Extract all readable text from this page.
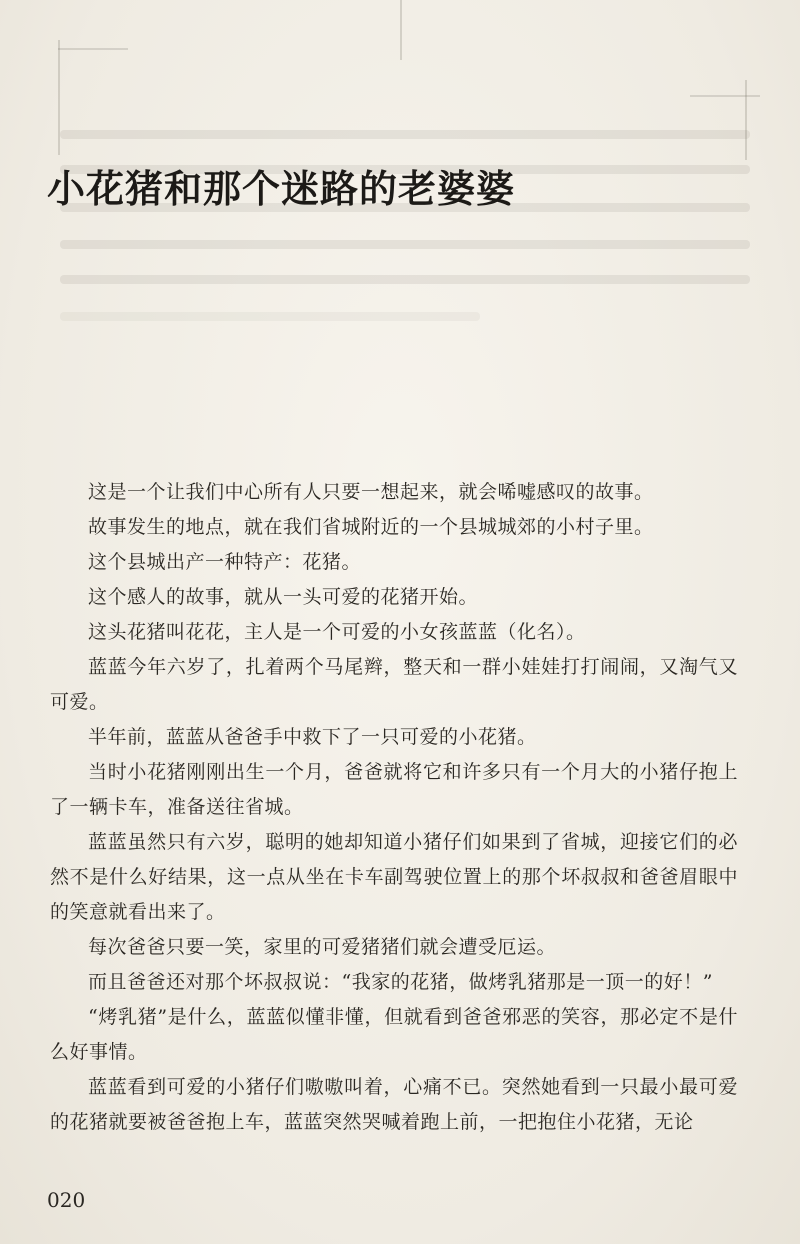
小花猪和那个迷路的老婆婆

这是一个让我们中心所有人只要一想起来，就会唏嘘感叹的故事。

故事发生的地点，就在我们省城附近的一个县城城郊的小村子里。

这个县城出产一种特产：花猪。

这个感人的故事，就从一头可爱的花猪开始。

这头花猪叫花花，主人是一个可爱的小女孩蓝蓝（化名）。

蓝蓝今年六岁了，扎着两个马尾辫，整天和一群小娃娃打打闹闹，又淘气又可爱。

半年前，蓝蓝从爸爸手中救下了一只可爱的小花猪。

当时小花猪刚刚出生一个月，爸爸就将它和许多只有一个月大的小猪仔抱上了一辆卡车，准备送往省城。

蓝蓝虽然只有六岁，聪明的她却知道小猪仔们如果到了省城，迎接它们的必然不是什么好结果，这一点从坐在卡车副驾驶位置上的那个坏叔叔和爸爸眉眼中的笑意就看出来了。

每次爸爸只要一笑，家里的可爱猪猪们就会遭受厄运。

而且爸爸还对那个坏叔叔说：“我家的花猪，做烤乳猪那是一顶一的好！”

“烤乳猪”是什么，蓝蓝似懂非懂，但就看到爸爸邪恶的笑容，那必定不是什么好事情。

蓝蓝看到可爱的小猪仔们嗷嗷叫着，心痛不已。突然她看到一只最小最可爱的花猪就要被爸爸抱上车，蓝蓝突然哭喊着跑上前，一把抱住小花猪，无论

020
